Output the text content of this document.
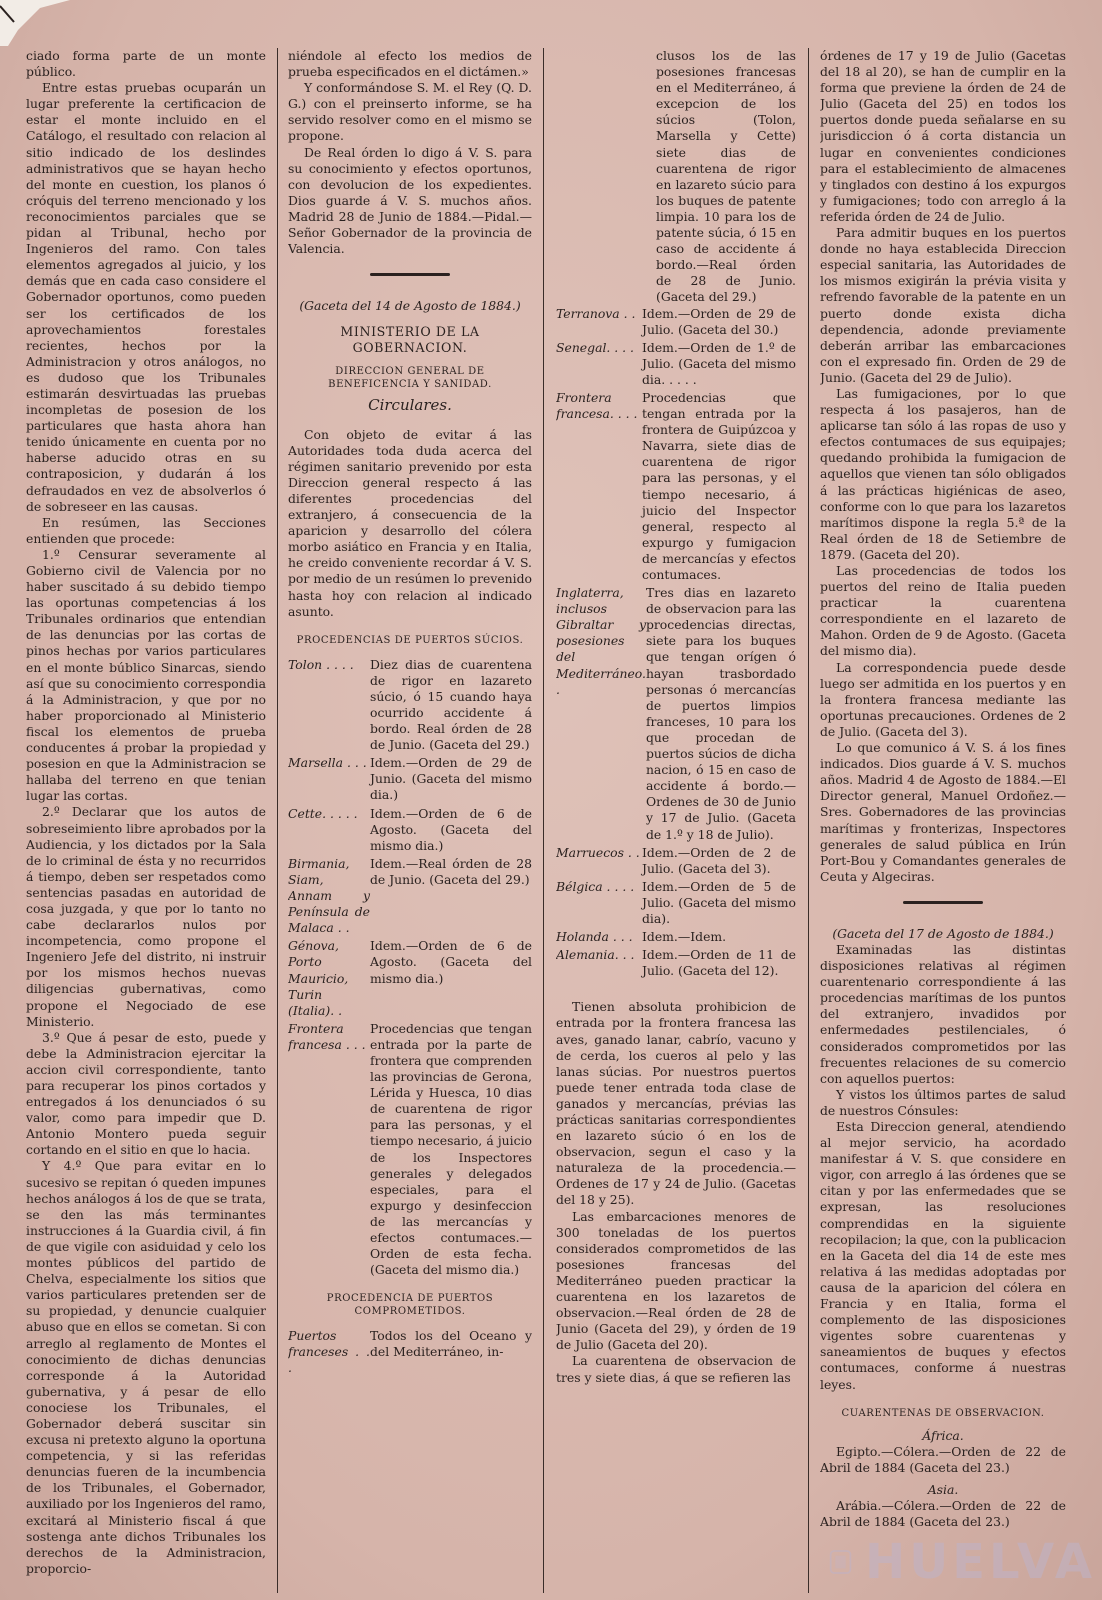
ciado forma parte de un monte público.

Entre estas pruebas ocuparán un lugar preferente la certificacion de estar el monte incluido en el Catálogo, el resultado con relacion al sitio indicado de los deslindes administrativos que se hayan hecho del monte en cuestion, los planos ó cróquis del terreno mencionado y los reconocimientos parciales que se pidan al Tribunal, hecho por Ingenieros del ramo. Con tales elementos agregados al juicio, y los demás que en cada caso considere el Gobernador oportunos, como pueden ser los certificados de los aprovechamientos forestales recientes, hechos por la Administracion y otros análogos, no es dudoso que los Tribunales estimarán desvirtuadas las pruebas incompletas de posesion de los particulares que hasta ahora han tenido únicamente en cuenta por no haberse aducido otras en su contraposicion, y dudarán á los defraudados en vez de absolverlos ó de sobreseer en las causas.

En resúmen, las Secciones entienden que procede:

1.º Censurar severamente al Gobierno civil de Valencia por no haber suscitado á su debido tiempo las oportunas competencias á los Tribunales ordinarios que entendian de las denuncias por las cortas de pinos hechas por varios particulares en el monte búblico Sinarcas, siendo así que su conocimiento correspondia á la Administracion, y que por no haber proporcionado al Ministerio fiscal los elementos de prueba conducentes á probar la propiedad y posesion en que la Administracion se hallaba del terreno en que tenian lugar las cortas.

2.º Declarar que los autos de sobreseimiento libre aprobados por la Audiencia, y los dictados por la Sala de lo criminal de ésta y no recurridos á tiempo, deben ser respetados como sentencias pasadas en autoridad de cosa juzgada, y que por lo tanto no cabe declararlos nulos por incompetencia, como propone el Ingeniero Jefe del distrito, ni instruir por los mismos hechos nuevas diligencias gubernativas, como propone el Negociado de ese Ministerio.

3.º Que á pesar de esto, puede y debe la Administracion ejercitar la accion civil correspondiente, tanto para recuperar los pinos cortados y entregados á los denunciados ó su valor, como para impedir que D. Antonio Montero pueda seguir cortando en el sitio en que lo hacia.

Y 4.º Que para evitar en lo sucesivo se repitan ó queden impunes hechos análogos á los de que se trata, se den las más terminantes instrucciones á la Guardia civil, á fin de que vigile con asiduidad y celo los montes públicos del partido de Chelva, especialmente los sitios que varios particulares pretenden ser de su propiedad, y denuncie cualquier abuso que en ellos se cometan. Si con arreglo al reglamento de Montes el conocimiento de dichas denuncias corresponde á la Autoridad gubernativa, y á pesar de ello conociese los Tribunales, el Gobernador deberá suscitar sin excusa ni pretexto alguno la oportuna competencia, y si las referidas denuncias fueren de la incumbencia de los Tribunales, el Gobernador, auxiliado por los Ingenieros del ramo, excitará al Ministerio fiscal á que sostenga ante dichos Tribunales los derechos de la Administracion, proporcio-

niéndole al efecto los medios de prueba especificados en el dictámen.»

Y conformándose S. M. el Rey (Q. D. G.) con el preinserto informe, se ha servido resolver como en el mismo se propone.

De Real órden lo digo á V. S. para su conocimiento y efectos oportunos, con devolucion de los expedientes. Dios guarde á V. S. muchos años. Madrid 28 de Junio de 1884.—Pidal.—Señor Gobernador de la provincia de Valencia.

(Gaceta del 14 de Agosto de 1884.)

MINISTERIO DE LA GOBERNACION.
DIRECCION GENERAL DE BENEFICENCIA Y SANIDAD.
Circulares.

Con objeto de evitar á las Autoridades toda duda acerca del régimen sanitario prevenido por esta Direccion general respecto á las diferentes procedencias del extranjero, á consecuencia de la aparicion y desarrollo del cólera morbo asiático en Francia y en Italia, he creido conveniente recordar á V. S. por medio de un resúmen lo prevenido hasta hoy con relacion al indicado asunto.

PROCEDENCIAS DE PUERTOS SÚCIOS.
Tolon . . . .	Diez dias de cuarentena de rigor en lazareto súcio, ó 15 cuando haya ocurrido accidente á bordo. Real órden de 28 de Junio. (Gaceta del 29.)
Marsella . . . Idem.—Orden de 29 de Junio. (Gaceta del mismo dia.)
Cette. . . . .	Idem.—Orden de 6 de Agosto. (Gaceta del mismo dia.)
Birmania, Siam, Annam y Península de Malaca . .
Idem.—Real órden de 28 de Junio. (Gaceta del 29.)
Génova, Porto Mauricio, Turin (Italia). .
Idem.—Orden de 6 de Agosto. (Gaceta del mismo dia.)
Frontera francesa . . .
Procedencias que tengan entrada por la parte de frontera que comprenden las provincias de Gerona, Lérida y Huesca, 10 dias de cuarentena de rigor para las personas, y el tiempo necesario, á juicio de los Inspectores generales y delegados especiales, para el expurgo y desinfeccion de las mercancías y efectos contumaces.—Orden de esta fecha. (Gaceta del mismo dia.)
PROCEDENCIA DE PUERTOS COMPROMETIDOS.
Puertos franceses . . .
Todos los del Oceano y del Mediterráneo, in-
clusos los de las posesiones francesas en el Mediterráneo, á excepcion de los súcios (Tolon, Marsella y Cette) siete dias de cuarentena de rigor en lazareto súcio para los buques de patente limpia. 10 para los de patente súcia, ó 15 en caso de accidente á bordo.—Real órden de 28 de Junio. (Gaceta del 29.)
Terranova . . Idem.—Orden de 29 de Julio. (Gaceta del 30.)
Senegal. . . . Idem.—Orden de 1.º de Julio. (Gaceta del mismo dia. . . . .
Frontera francesa. . . .
Procedencias que tengan entrada por la frontera de Guipúzcoa y Navarra, siete dias de cuarentena de rigor para las personas, y el tiempo necesario, á juicio del Inspector general, respecto al expurgo y fumigacion de mercancías y efectos contumaces.
Inglaterra, inclusos Gibraltar y posesiones del Mediterráneo. .
Tres dias en lazareto de observacion para las procedencias directas, siete para los buques que tengan orígen ó hayan trasbordado personas ó mercancías de puertos limpios franceses, 10 para los que procedan de puertos súcios de dicha nacion, ó 15 en caso de accidente á bordo.—Ordenes de 30 de Junio y 17 de Julio. (Gaceta de 1.º y 18 de Julio).
Marruecos . . Idem.—Orden de 2 de Julio. (Gaceta del 3).
Bélgica . . . . Idem.—Orden de 5 de Julio. (Gaceta del mismo dia).
Holanda . . . Idem.—Idem.
Alemania. . . Idem.—Orden de 11 de Julio. (Gaceta del 12).

Tienen absoluta prohibicion de entrada por la frontera francesa las aves, ganado lanar, cabrío, vacuno y de cerda, los cueros al pelo y las lanas súcias. Por nuestros puertos puede tener entrada toda clase de ganados y mercancías, prévias las prácticas sanitarias correspondientes en lazareto súcio ó en los de observacion, segun el caso y la naturaleza de la procedencia.—Ordenes de 17 y 24 de Julio. (Gacetas del 18 y 25).

Las embarcaciones menores de 300 toneladas de los puertos considerados comprometidos de las posesiones francesas del Mediterráneo pueden practicar la cuarentena en los lazaretos de observacion.—Real órden de 28 de Junio (Gaceta del 29), y órden de 19 de Julio (Gaceta del 20).

La cuarentena de observacion de tres y siete dias, á que se refieren las

órdenes de 17 y 19 de Julio (Gacetas del 18 al 20), se han de cumplir en la forma que previene la órden de 24 de Julio (Gaceta del 25) en todos los puertos donde pueda señalarse en su jurisdiccion ó á corta distancia un lugar en convenientes condiciones para el establecimiento de almacenes y tinglados con destino á los expurgos y fumigaciones; todo con arreglo á la referida órden de 24 de Julio.

Para admitir buques en los puertos donde no haya establecida Direccion especial sanitaria, las Autoridades de los mismos exigirán la prévia visita y refrendo favorable de la patente en un puerto donde exista dicha dependencia, adonde previamente deberán arribar las embarcaciones con el expresado fin. Orden de 29 de Junio. (Gaceta del 29 de Julio).

Las fumigaciones, por lo que respecta á los pasajeros, han de aplicarse tan sólo á las ropas de uso y efectos contumaces de sus equipajes; quedando prohibida la fumigacion de aquellos que vienen tan sólo obligados á las prácticas higiénicas de aseo, conforme con lo que para los lazaretos marítimos dispone la regla 5.ª de la Real órden de 18 de Setiembre de 1879. (Gaceta del 20).

Las procedencias de todos los puertos del reino de Italia pueden practicar la cuarentena correspondiente en el lazareto de Mahon. Orden de 9 de Agosto. (Gaceta del mismo dia).

La correspondencia puede desde luego ser admitida en los puertos y en la frontera francesa mediante las oportunas precauciones. Ordenes de 2 de Julio. (Gaceta del 3).

Lo que comunico á V. S. á los fines indicados. Dios guarde á V. S. muchos años. Madrid 4 de Agosto de 1884.—El Director general, Manuel Ordoñez.—Sres. Gobernadores de las provincias marítimas y fronterizas, Inspectores generales de salud pública en Irún Port-Bou y Comandantes generales de Ceuta y Algeciras.

(Gaceta del 17 de Agosto de 1884.)

Examinadas las distintas disposiciones relativas al régimen cuarentenario correspondiente á las procedencias marítimas de los puntos del extranjero, invadidos por enfermedades pestilenciales, ó considerados comprometidos por las frecuentes relaciones de su comercio con aquellos puertos:

Y vistos los últimos partes de salud de nuestros Cónsules:

Esta Direccion general, atendiendo al mejor servicio, ha acordado manifestar á V. S. que considere en vigor, con arreglo á las órdenes que se citan y por las enfermedades que se expresan, las resoluciones comprendidas en la siguiente recopilacion; la que, con la publicacion en la Gaceta del dia 14 de este mes relativa á las medidas adoptadas por causa de la aparicion del cólera en Francia y en Italia, forma el complemento de las disposiciones vigentes sobre cuarentenas y saneamientos de buques y efectos contumaces, conforme á nuestras leyes.

CUARENTENAS DE OBSERVACION.

África.

Egipto.—Cólera.—Orden de 22 de Abril de 1884 (Gaceta del 23.)

Asia.

Arábia.—Cólera.—Orden de 22 de Abril de 1884 (Gaceta del 23.)

HUELVA
